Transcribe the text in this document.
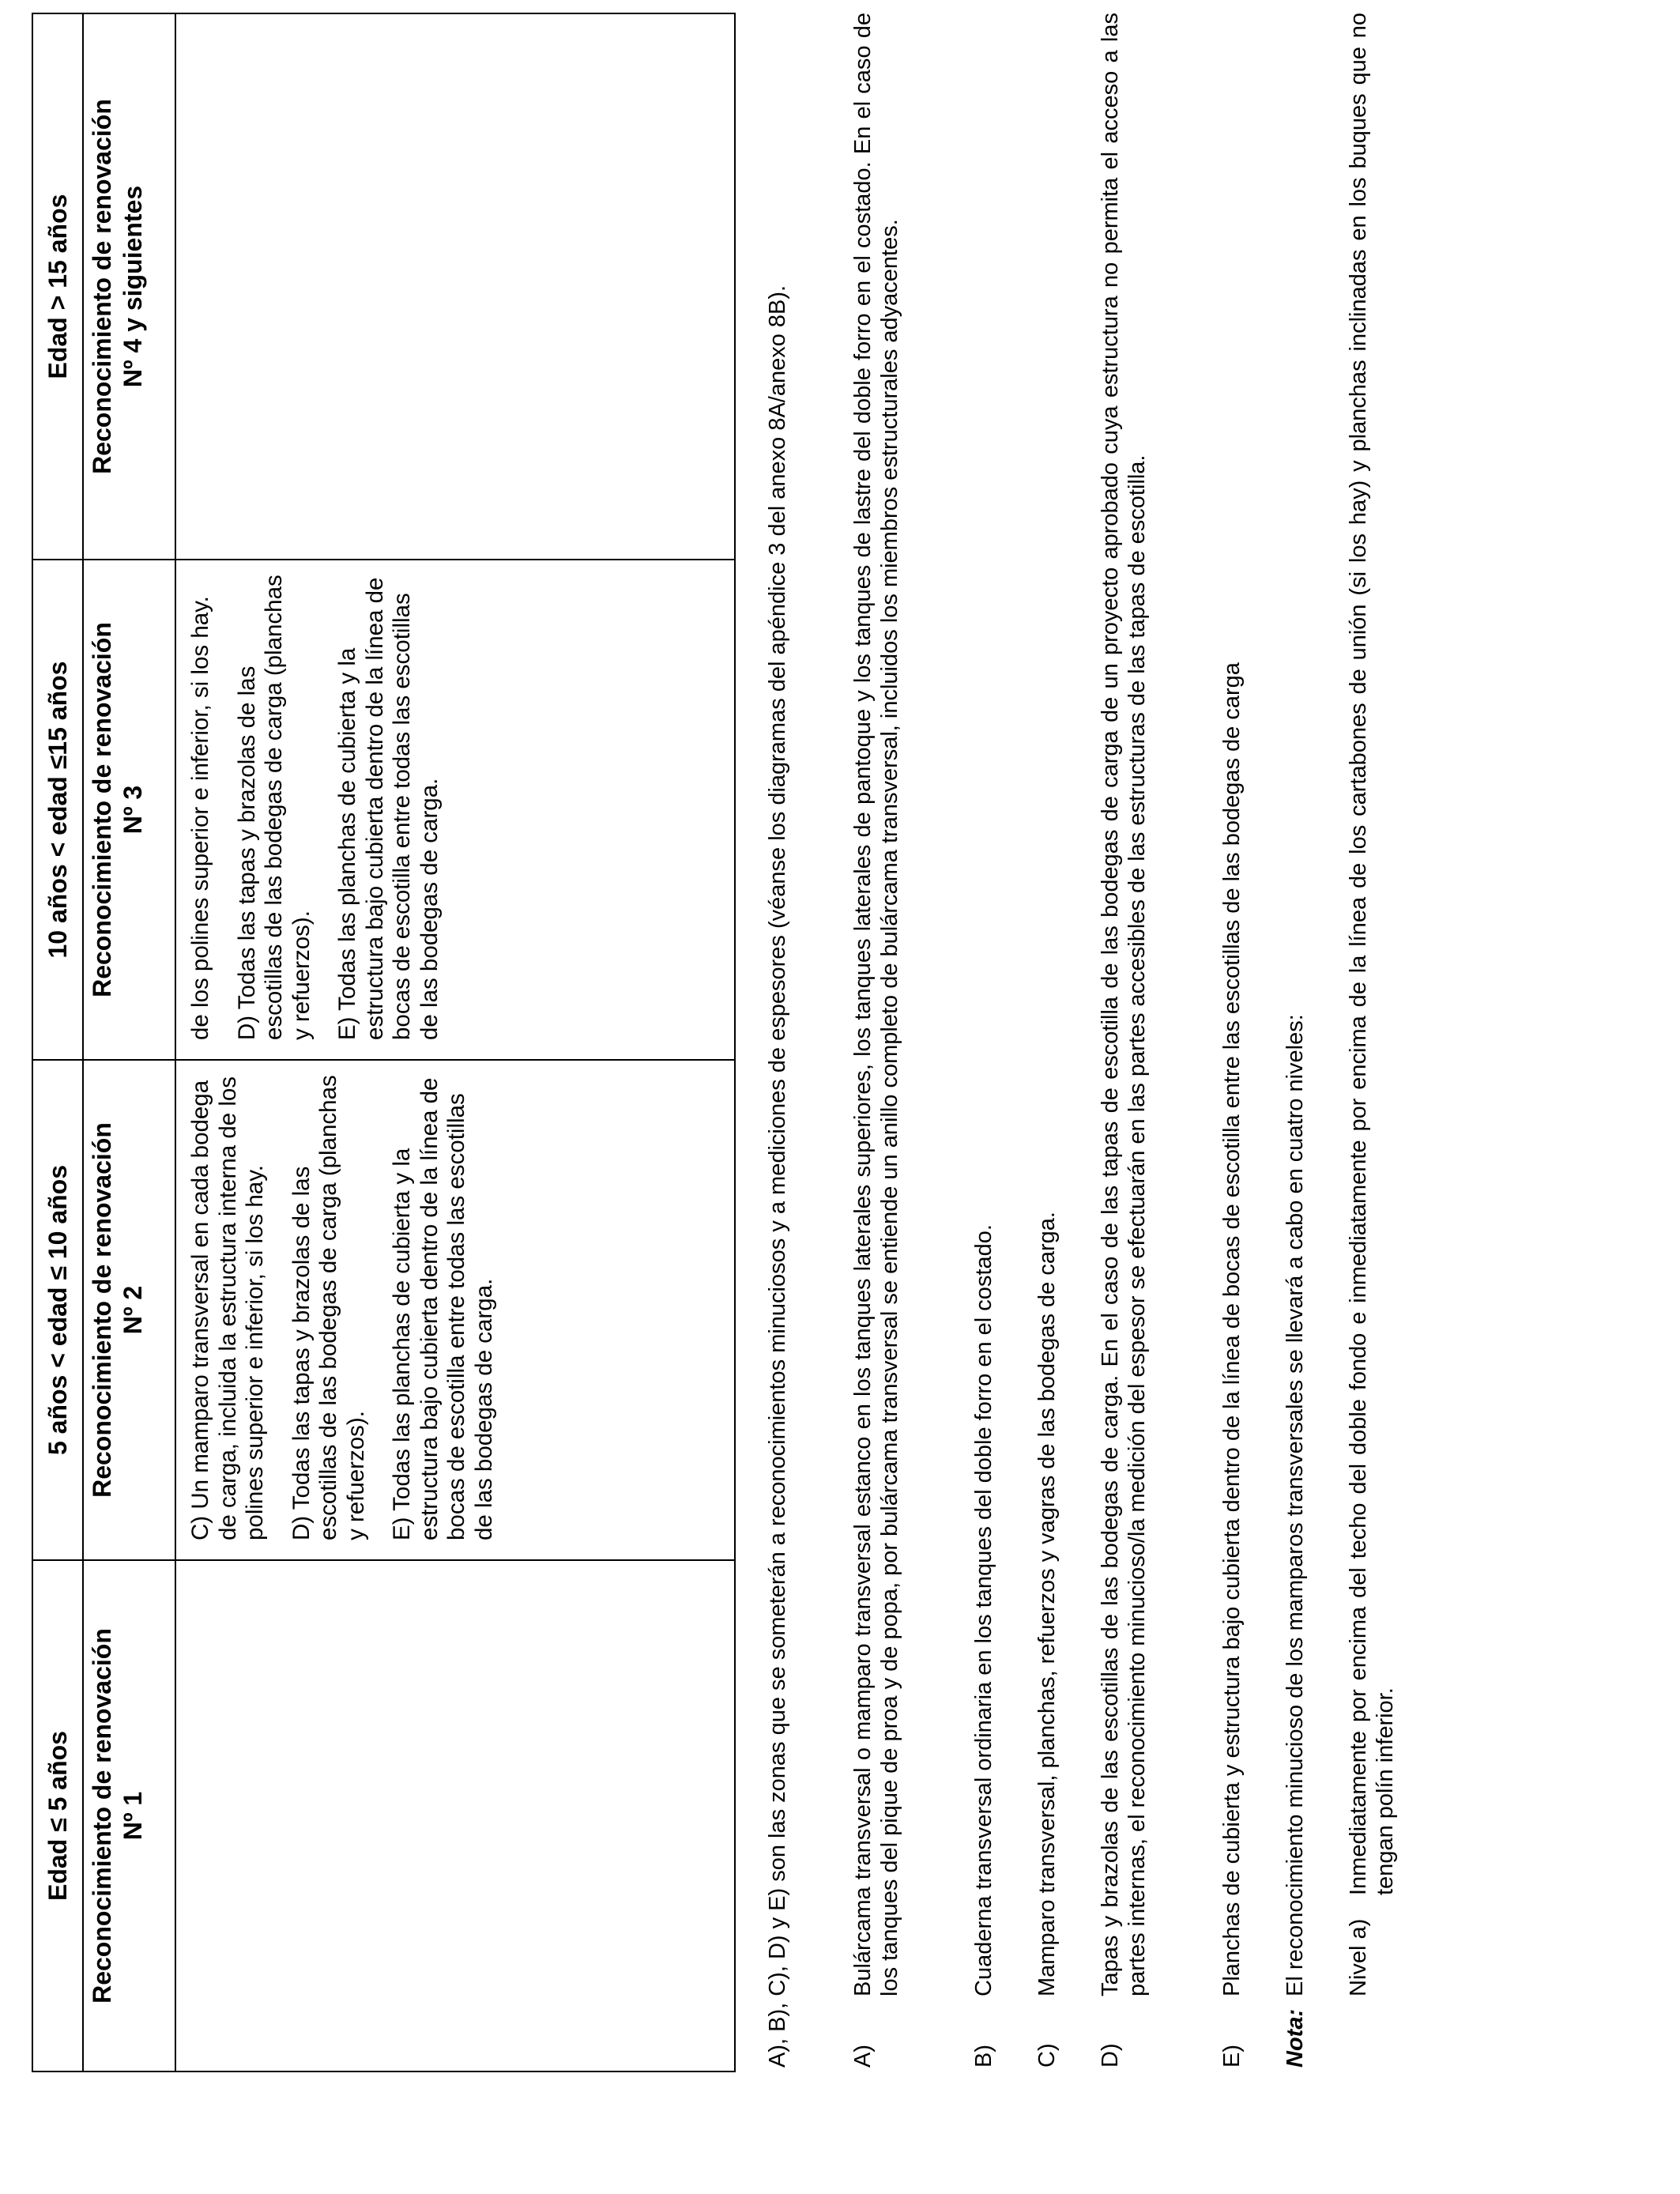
Edad ≤ 5 años Reconocimiento de renovación Nº 1
5 años < edad ≤ 10 años Reconocimiento de renovación Nº 2 C) Un mamparo transversal en cada bodega de carga, incluida la estructura interna de los polines superior e inferior, si los hay. D) Todas las tapas y brazolas de las escotillas de las bodegas de carga (planchas y refuerzos). E) Todas las planchas de cubierta y la estructura bajo cubierta dentro de la línea de bocas de escotilla entre todas las escotillas de las bodegas de carga.

10 años < edad ≤15 años Reconocimiento de renovación Nº 3 de los polines superior e inferior, si los hay. D) Todas las tapas y brazolas de las escotillas de las bodegas de carga (planchas y refuerzos). E) Todas las planchas de cubierta y la estructura bajo cubierta dentro de la línea de bocas de escotilla entre todas las escotillas de las bodegas de carga.

Edad > 15 años Reconocimiento de renovación Nº 4 y siguientes	A), B), C), D) y E) son las zonas que se someterán a reconocimientos minuciosos y a mediciones de espesores (véanse los diagramas del apéndice 3 del anexo 8A/anexo 8B).	A)
Bulárcama transversal o mamparo transversal estanco en los tanques laterales superiores, los tanques laterales de pantoque y los tanques de lastre del doble forro en el costado. En el caso de los tanques del pique de proa y de popa, por bulárcama transversal se entiende un anillo completo de bulárcama transversal, incluidos los miembros estructurales adyacentes.
B)
Cuaderna transversal ordinaria en los tanques del doble forro en el costado.
C)
Mamparo transversal, planchas, refuerzos y vagras de las bodegas de carga.
D)
Tapas y brazolas de las escotillas de las bodegas de carga. En el caso de las tapas de escotilla de las bodegas de carga de un proyecto aprobado cuya estructura no permita el acceso a las partes internas, el reconocimiento minucioso/la medición del espesor se efectuarán en las partes accesibles de las estructuras de las tapas de escotilla.
E)
Planchas de cubierta y estructura bajo cubierta dentro de la línea de bocas de escotilla entre las escotillas de las bodegas de carga
Nota:
El reconocimiento minucioso de los mamparos transversales se llevará a cabo en cuatro niveles: Nivel a)
Inmediatamente por encima del techo del doble fondo e inmediatamente por encima de la línea de los cartabones de unión (si los hay) y planchas inclinadas en los buques que no tengan polín inferior.
